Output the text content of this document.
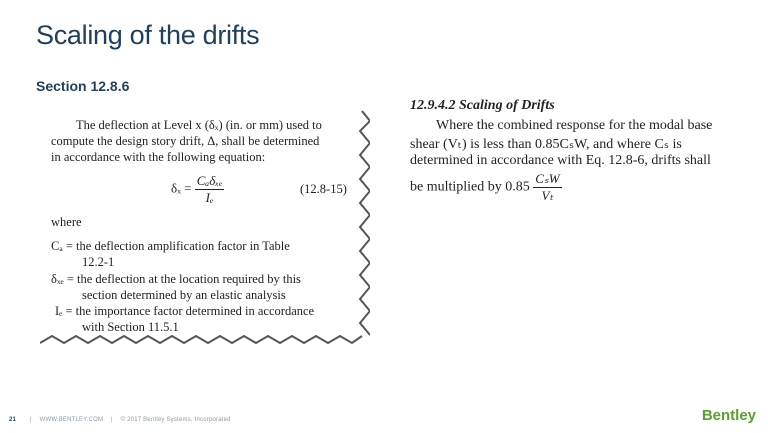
Scaling of the drifts
Section 12.8.6
The deflection at Level x (δₓ) (in. or mm) used to
compute the design story drift, Δ, shall be determined
in accordance with the following equation:
$\delta_x = \frac{\text{Cₐδₓₑ}}{\text{Iₑ}}$	(12.8-15)
where
Cₐ = the deflection amplification factor in Table
12.2-1
δₓₑ = the deflection at the location required by this
section determined by an elastic analysis
Iₑ = the importance factor determined in accordance
with Section 11.5.1
12.9.4.2 Scaling of Drifts
Where the combined response for the modal base
shear (Vₜ) is less than 0.85CₛW, and where Cₛ is
determined in accordance with Eq. 12.8-6, drifts shall
be multiplied by $0.85 \frac{\text{CₛW}}{\text{Vₜ}}$
21 | WWW.BENTLEY.COM | © 2017 Bentley Systems, Incorporated	Bentley
